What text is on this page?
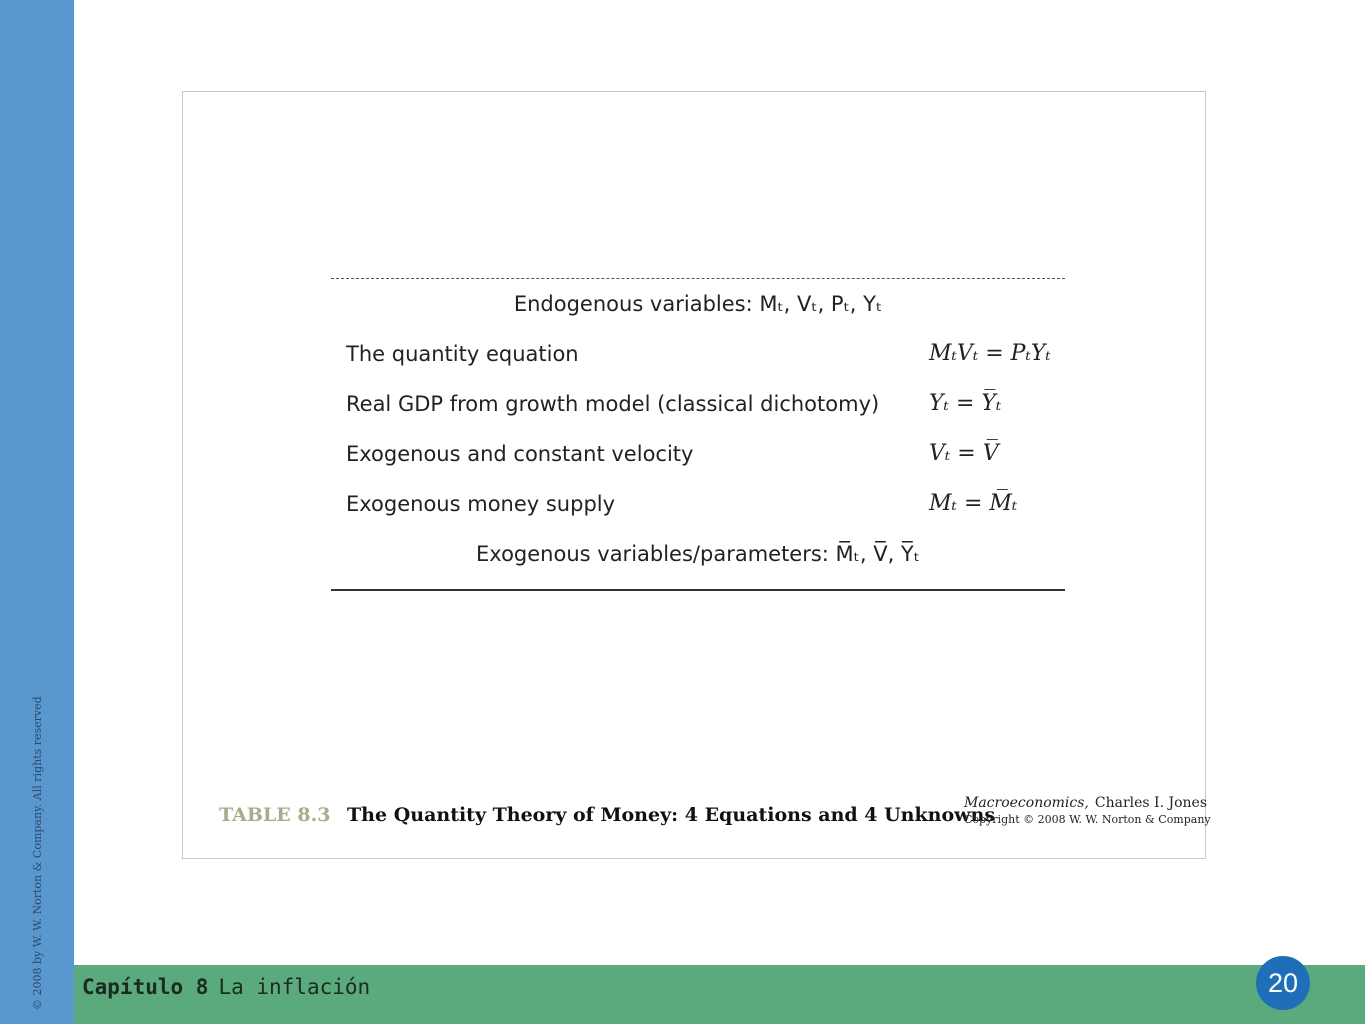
© 2008 by W. W. Norton & Company. All rights reserved
Endogenous variables: Mₜ, Vₜ, Pₜ, Yₜ
The quantity equation	MₜVₜ = PₜYₜ
Real GDP from growth model (classical dichotomy) Yₜ = Y̅ₜ
Exogenous and constant velocity	Vₜ = V̅
Exogenous money supply	Mₜ = M̅ₜ
Exogenous variables/parameters: M̅ₜ, V̅, Y̅ₜ
TABLE 8.3 The Quantity Theory of Money: 4 Equations and 4 Unknowns
Macroeconomics, Charles I. Jones
Copyright © 2008 W. W. Norton & Company
Capítulo 8 La inflación	20
